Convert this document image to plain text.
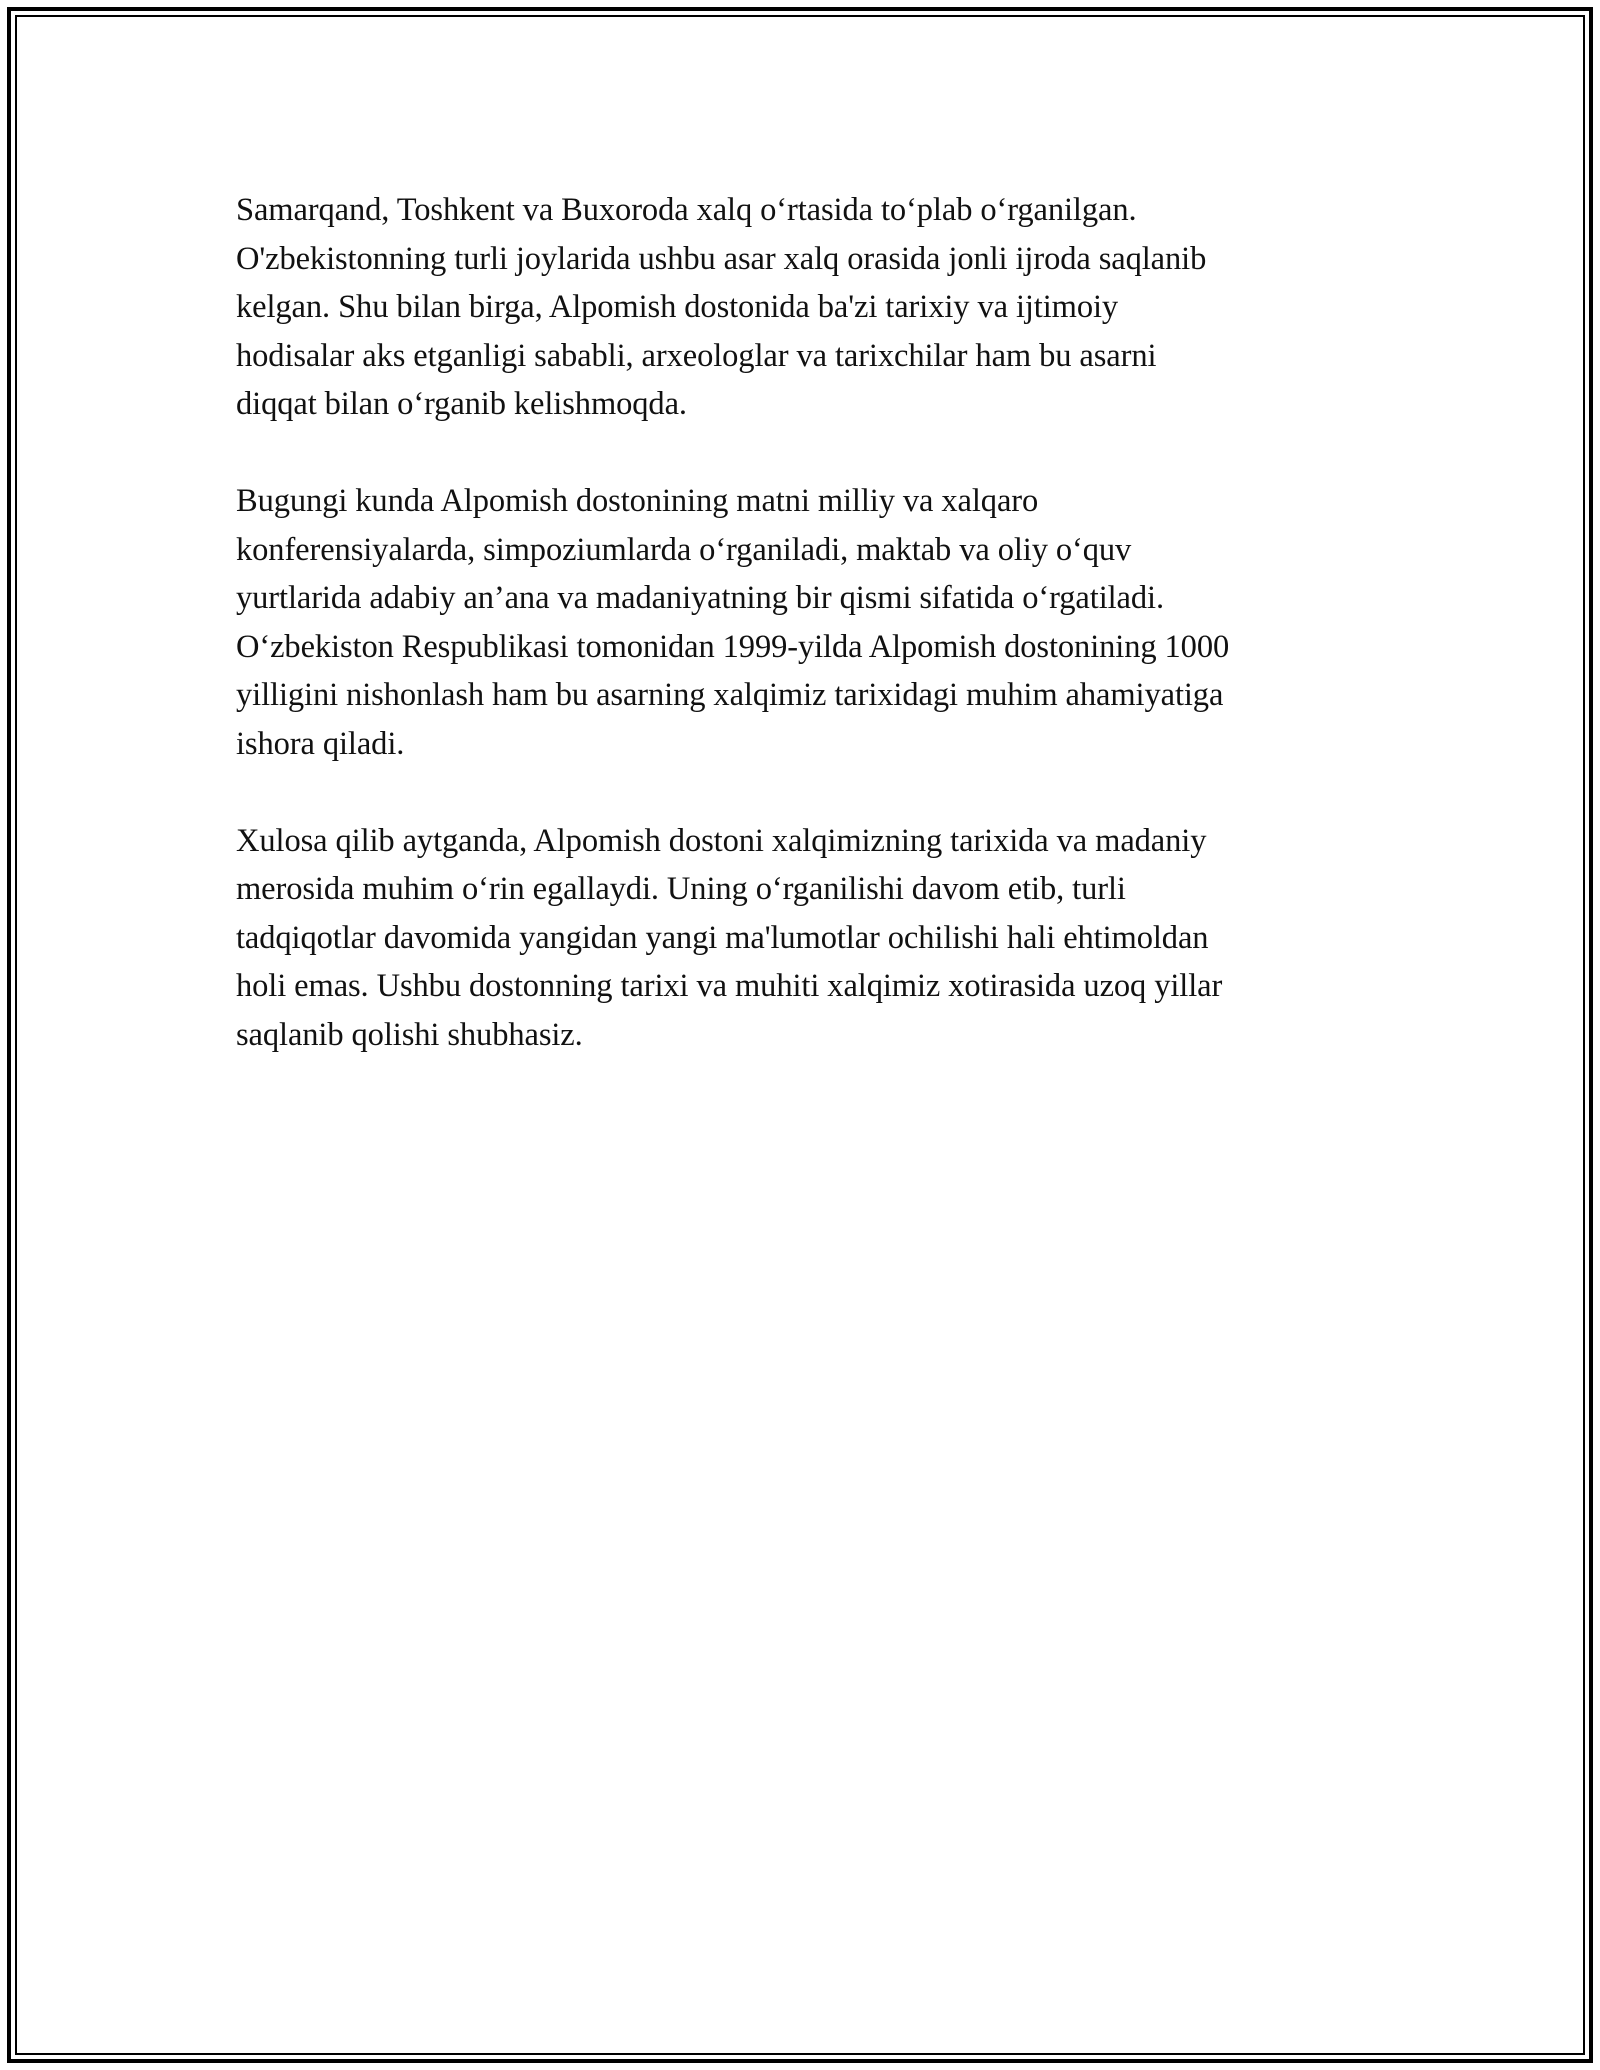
Samarqand, Toshkent va Buxoroda xalq oʻrtasida toʻplab oʻrganilgan.
O'zbekistonning turli joylarida ushbu asar xalq orasida jonli ijroda saqlanib
kelgan. Shu bilan birga, Alpomish dostonida ba'zi tarixiy va ijtimoiy
hodisalar aks etganligi sababli, arxeologlar va tarixchilar ham bu asarni
diqqat bilan oʻrganib kelishmoqda.

Bugungi kunda Alpomish dostonining matni milliy va xalqaro
konferensiyalarda, simpoziumlarda oʻrganiladi, maktab va oliy oʻquv
yurtlarida adabiy an’ana va madaniyatning bir qismi sifatida oʻrgatiladi.
Oʻzbekiston Respublikasi tomonidan 1999-yilda Alpomish dostonining 1000
yilligini nishonlash ham bu asarning xalqimiz tarixidagi muhim ahamiyatiga
ishora qiladi.

Xulosa qilib aytganda, Alpomish dostoni xalqimizning tarixida va madaniy
merosida muhim oʻrin egallaydi. Uning oʻrganilishi davom etib, turli
tadqiqotlar davomida yangidan yangi ma'lumotlar ochilishi hali ehtimoldan
holi emas. Ushbu dostonning tarixi va muhiti xalqimiz xotirasida uzoq yillar
saqlanib qolishi shubhasiz.
